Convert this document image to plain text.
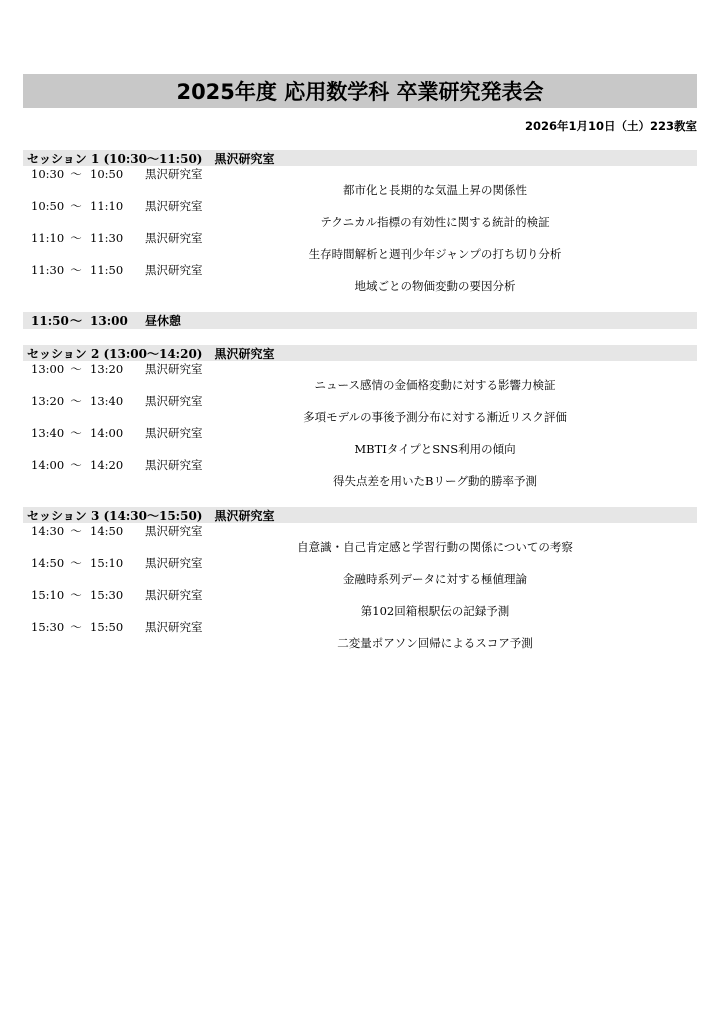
2025年度 応用数学科 卒業研究発表会
2026年1月10日（土）223教室
セッション 1 (10:30〜11:50) 黒沢研究室
10:30 〜 10:50	黒沢研究室
都市化と長期的な気温上昇の関係性
10:50 〜 11:10	黒沢研究室
テクニカル指標の有効性に関する統計的検証
11:10 〜 11:30	黒沢研究室
生存時間解析と週刊少年ジャンプの打ち切り分析
11:30 〜 11:50	黒沢研究室
地域ごとの物価変動の要因分析
11:50 〜 13:00 昼休憩
セッション 2 (13:00〜14:20) 黒沢研究室
13:00 〜 13:20	黒沢研究室
ニュース感情の金価格変動に対する影響力検証
13:20 〜 13:40	黒沢研究室
多項モデルの事後予測分布に対する漸近リスク評価
13:40 〜 14:00	黒沢研究室
MBTIタイプとSNS利用の傾向
14:00 〜 14:20	黒沢研究室
得失点差を用いたBリーグ動的勝率予測
セッション 3 (14:30〜15:50) 黒沢研究室
14:30 〜 14:50	黒沢研究室
自意識・自己肯定感と学習行動の関係についての考察
14:50 〜 15:10	黒沢研究室
金融時系列データに対する極値理論
15:10 〜 15:30	黒沢研究室
第102回箱根駅伝の記録予測
15:30 〜 15:50	黒沢研究室
二変量ポアソン回帰によるスコア予測
